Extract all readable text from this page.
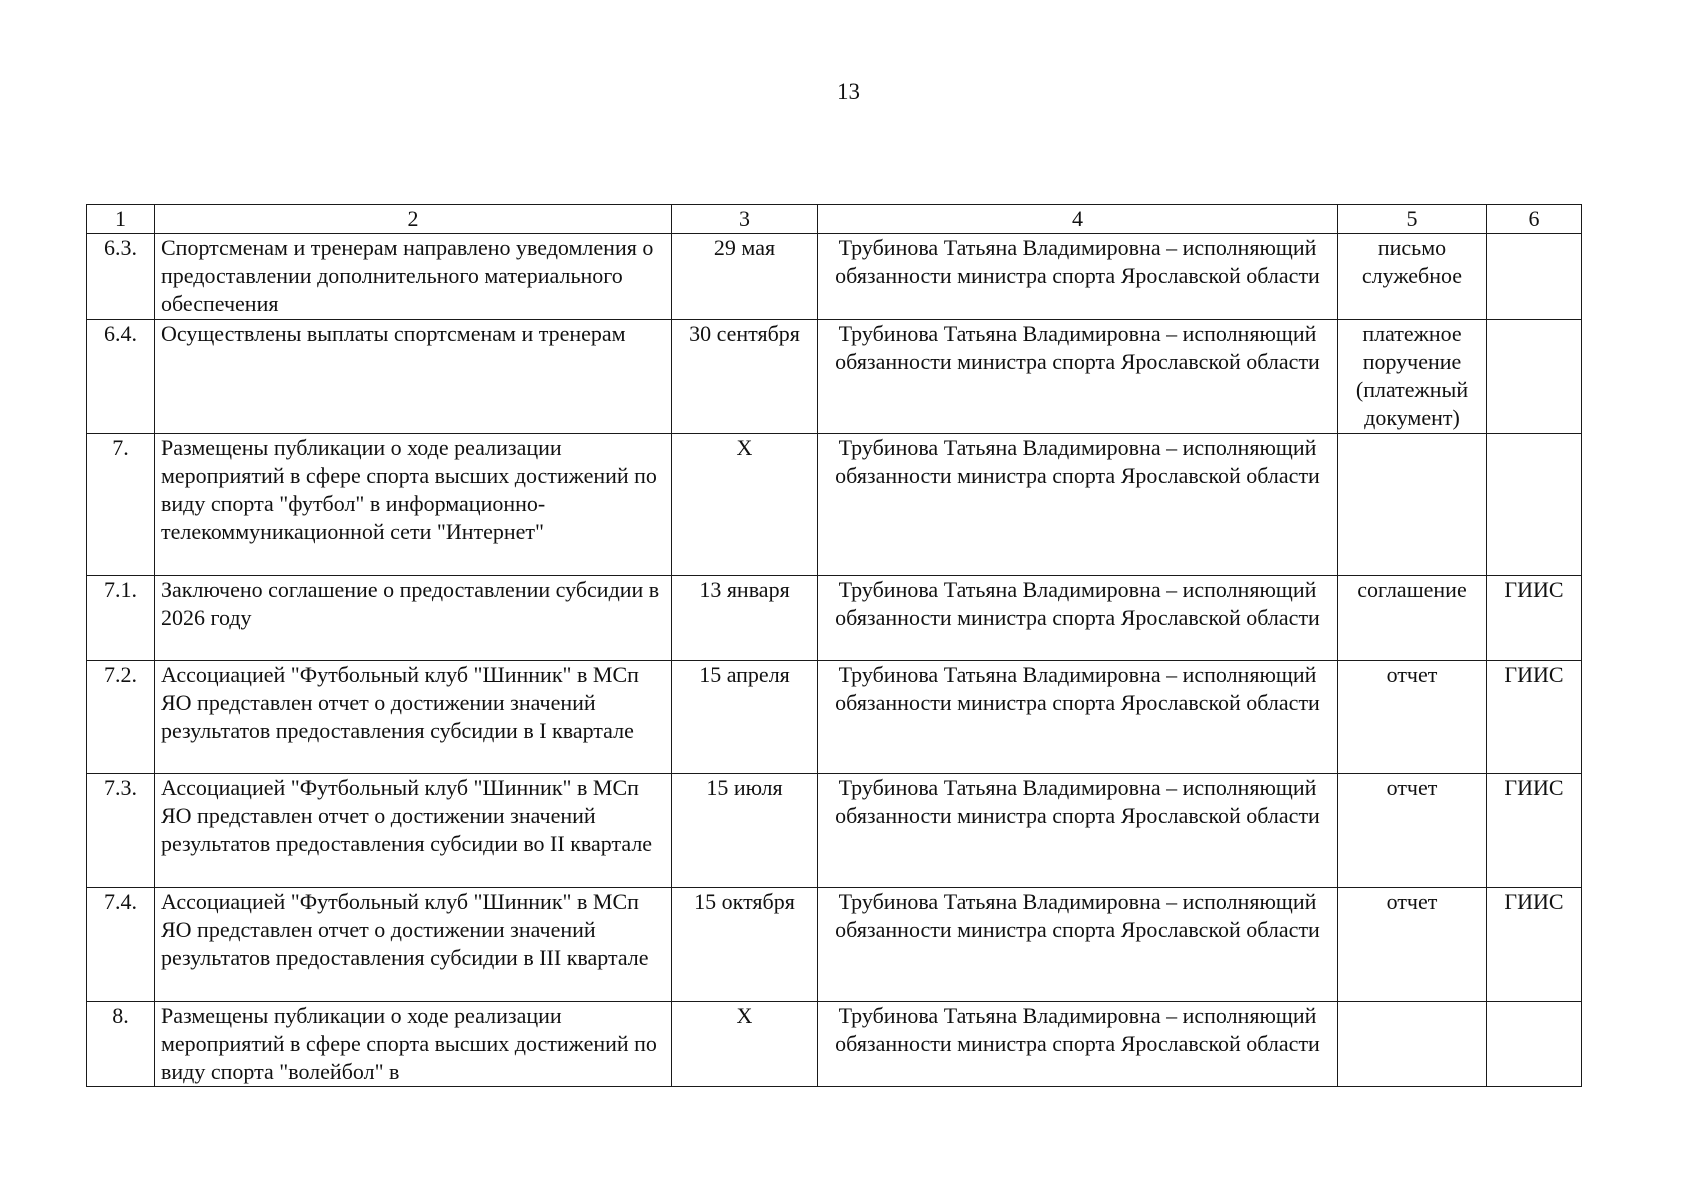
13
1	2	3	4	5	6
6.3.	Спортсменам и тренерам направлено уведомления о предоставлении дополнительного материального обеспечения	29 мая	Трубинова Татьяна Владимировна – исполняющий обязанности министра спорта Ярославской области	письмо служебное	
6.4.	Осуществлены выплаты спортсменам и тренерам	30 сентября	Трубинова Татьяна Владимировна – исполняющий обязанности министра спорта Ярославской области	платежное поручение (платежный документ)	
7.	Размещены публикации о ходе реализации мероприятий в сфере спорта высших достижений по виду спорта "футбол" в информационно-телекоммуникационной сети "Интернет"	Х	Трубинова Татьяна Владимировна – исполняющий обязанности министра спорта Ярославской области		
7.1.	Заключено соглашение о предоставлении субсидии в 2026 году	13 января	Трубинова Татьяна Владимировна – исполняющий обязанности министра спорта Ярославской области	соглашение	ГИИС
7.2.	Ассоциацией "Футбольный клуб "Шинник" в МСп ЯО представлен отчет о достижении значений результатов предоставления субсидии в I квартале	15 апреля	Трубинова Татьяна Владимировна – исполняющий обязанности министра спорта Ярославской области	отчет	ГИИС
7.3.	Ассоциацией "Футбольный клуб "Шинник" в МСп ЯО представлен отчет о достижении значений результатов предоставления субсидии во II квартале	15 июля	Трубинова Татьяна Владимировна – исполняющий обязанности министра спорта Ярославской области	отчет	ГИИС
7.4.	Ассоциацией "Футбольный клуб "Шинник" в МСп ЯО представлен отчет о достижении значений результатов предоставления субсидии в III квартале	15 октября	Трубинова Татьяна Владимировна – исполняющий обязанности министра спорта Ярославской области	отчет	ГИИС
8.	Размещены публикации о ходе реализации мероприятий в сфере спорта высших достижений по виду спорта "волейбол" в	Х	Трубинова Татьяна Владимировна – исполняющий обязанности министра спорта Ярославской области		
